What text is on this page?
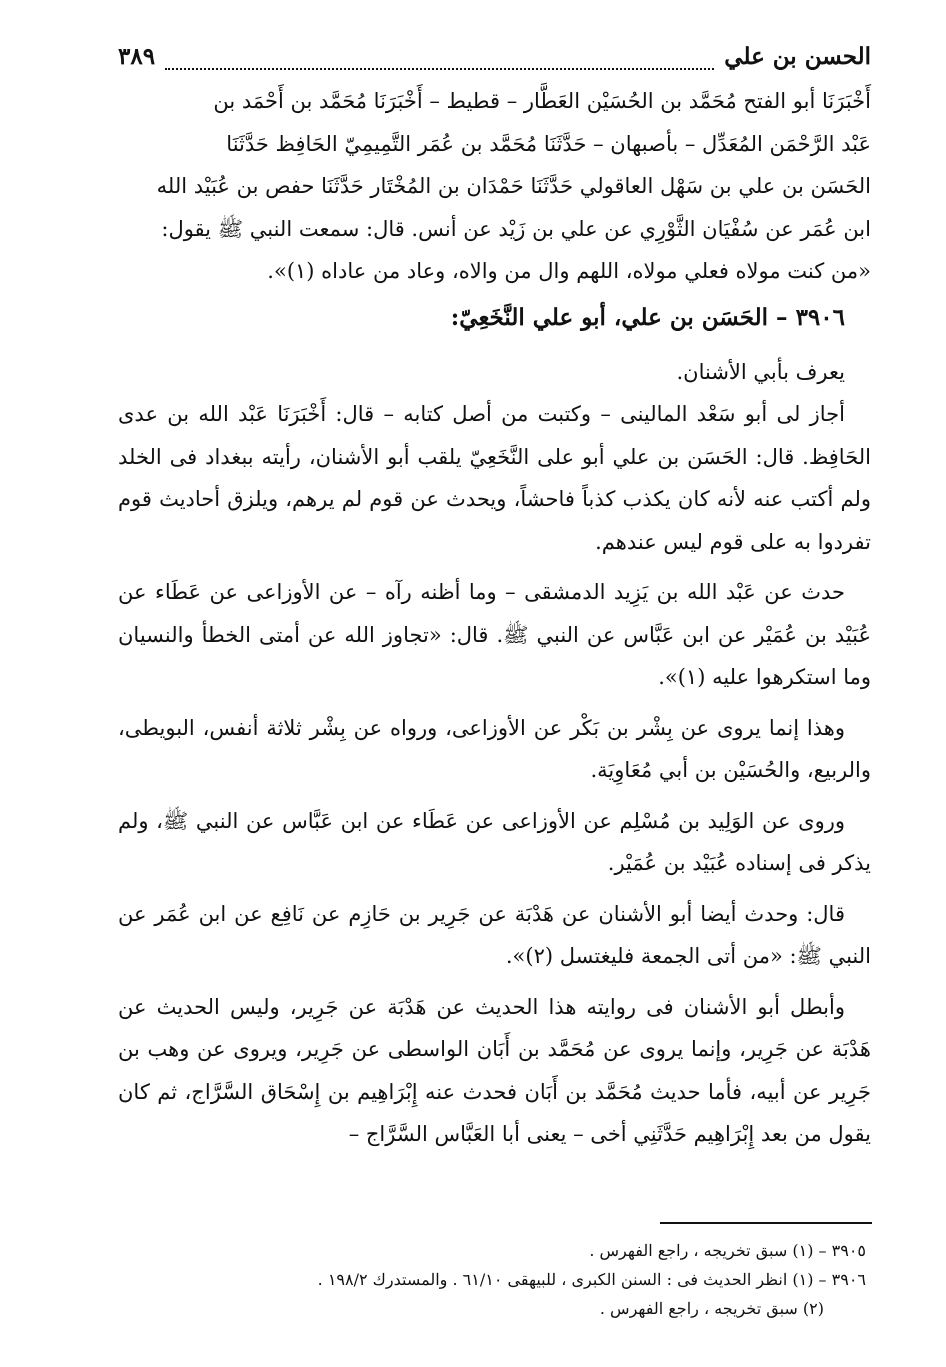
الحسن بن علي
٣٨٩

أَخْبَرَنَا أبو الفتح مُحَمَّد بن الحُسَيْن العَطَّار – قطيط – أَخْبَرَنَا مُحَمَّد بن أَحْمَد بن

عَبْد الرَّحْمَن المُعَدِّل – بأصبهان – حَدَّثَنَا مُحَمَّد بن عُمَر التَّمِيمِيّ الحَافِظ حَدَّثَنَا

الحَسَن بن علي بن سَهْل العاقولي حَدَّثَنَا حَمْدَان بن المُخْتَار حَدَّثَنَا حفص بن عُبَيْد الله

ابن عُمَر عن سُفْيَان الثَّوْرِي عن علي بن زَيْد عن أنس. قال: سمعت النبي ﷺ يقول:

«من كنت مولاه فعلي مولاه، اللهم وال من والاه، وعاد من عاداه (١)».

٣٩٠٦ – الحَسَن بن علي، أبو علي النَّخَعِيّ:

يعرف بأبي الأشنان.

أجاز لى أبو سَعْد المالينى – وكتبت من أصل كتابه – قال: أَخْبَرَنَا عَبْد الله بن عدى الحَافِظ. قال: الحَسَن بن علي أبو على النَّخَعِيّ يلقب أبو الأشنان، رأيته ببغداد فى الخلد ولم أكتب عنه لأنه كان يكذب كذباً فاحشاً، ويحدث عن قوم لم يرهم، ويلزق أحاديث قوم تفردوا به على قوم ليس عندهم.

حدث عن عَبْد الله بن يَزِيد الدمشقى – وما أظنه رآه – عن الأوزاعى عن عَطَاء عن عُبَيْد بن عُمَيْر عن ابن عَبَّاس عن النبي ﷺ. قال: «تجاوز الله عن أمتى الخطأ والنسيان وما استكرهوا عليه (١)».

وهذا إنما يروى عن بِشْر بن بَكْر عن الأوزاعى، ورواه عن بِشْر ثلاثة أنفس، البويطى، والربيع، والحُسَيْن بن أبي مُعَاوِيَة.

وروى عن الوَلِيد بن مُسْلِم عن الأوزاعى عن عَطَاء عن ابن عَبَّاس عن النبي ﷺ، ولم يذكر فى إسناده عُبَيْد بن عُمَيْر.

قال: وحدث أيضا أبو الأشنان عن هَدْبَة عن جَرِير بن حَازِم عن نَافِع عن ابن عُمَر عن النبي ﷺ: «من أتى الجمعة فليغتسل (٢)».

وأبطل أبو الأشنان فى روايته هذا الحديث عن هَدْبَة عن جَرِير، وليس الحديث عن هَدْبَة عن جَرِير، وإنما يروى عن مُحَمَّد بن أَبَان الواسطى عن جَرِير، ويروى عن وهب بن جَرِير عن أبيه، فأما حديث مُحَمَّد بن أَبَان فحدث عنه إِبْرَاهِيم بن إِسْحَاق السَّرَّاج، ثم كان يقول من بعد إِبْرَاهِيم حَدَّثَنِي أخى – يعنى أبا العَبَّاس السَّرَّاج –

٣٩٠٥ – (١) سبق تخريجه ، راجع الفهرس .

٣٩٠٦ – (١) انظر الحديث فى : السنن الكبرى ، للبيهقى ٦١/١٠ . والمستدرك ١٩٨/٢ .

(٢) سبق تخريجه ، راجع الفهرس .
